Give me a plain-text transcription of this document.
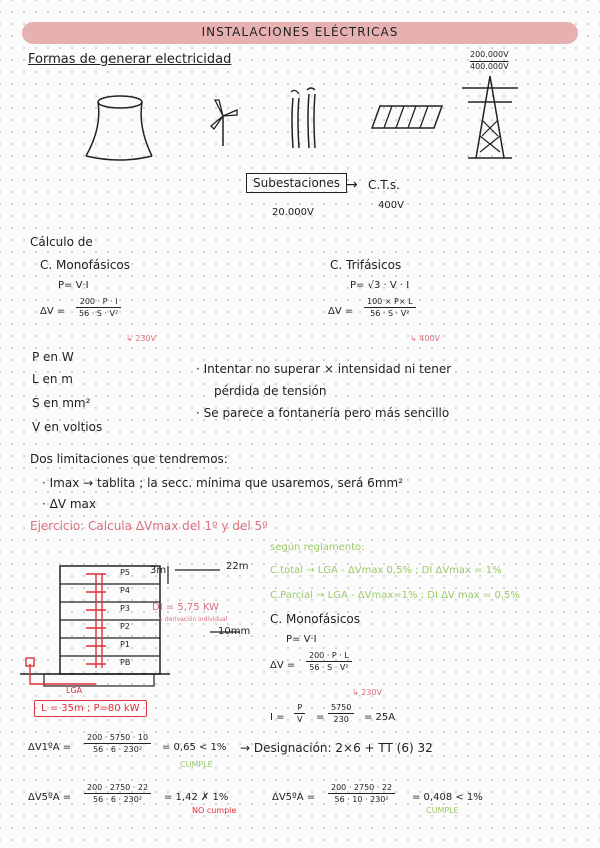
INSTALACIONES ELÉCTRICAS
Formas de generar electricidad	200.000V
400.000V
Subestaciones → C.T.s.
20.000V
400V
Cálculo de
C. Monofásicos
P= V·I
$\Delta V = \frac{200 \cdot P \cdot I}{\text{56 · S · V²}}$
↳ 230V
C. Trifásicos
P= √3 · V · I
$\Delta V = \frac{100 \times P\times L}{\text{56 · S · V²}}$
↳ 400V
P en W
L en m
S en mm²
V en voltios
· Intentar no superar × intensidad ni tener
pérdida de tensión
· Se parece a fontanería pero más sencillo
Dos limitaciones que tendremos:
· Imax → tablita ; la secc. mínima que usaremos, será 6mm²
· ΔV max
Ejercicio: Calcula ΔVmax del 1º y del 5º
según reglamento:
C.total → LGA - ΔVmax 0,5% ; DI ΔVmax = 1%
C.Parcial → LGA - ΔVmax=1% ; DI ΔV max = 0,5%
3m	22m
P5
P4
P3
P2
P1
PB
DI = 5,75 KW
↳ derivación individual
10mm
LGA
L = 35m ; P=80 kW
C. Monofásicos
P= V·I
$\Delta V = \frac{200 \cdot P \cdot L}{\text{56 · S · V²}}$
↳ 230V
$I = \frac{P}{V} = \frac{5750}{230} = 25A$
ΔV1ºA = $\frac{200 \cdot 5750 \cdot 10}{\text{56 · 6 · 230²}} = 0,65 < 1\%$
CUMPLE
→ Designación: 2×6 + TT (6) 32
ΔV5ºA = $\frac{200 \cdot 2750 \cdot 22}{\text{56 · 6 · 230²}} = 1,42$ ✗ 1%
NO cumple
ΔV5ºA = $\frac{200 \cdot 2750 \cdot 22}{\text{56 · 10 · 230²}} = 0,408 < 1\%$
CUMPLE
